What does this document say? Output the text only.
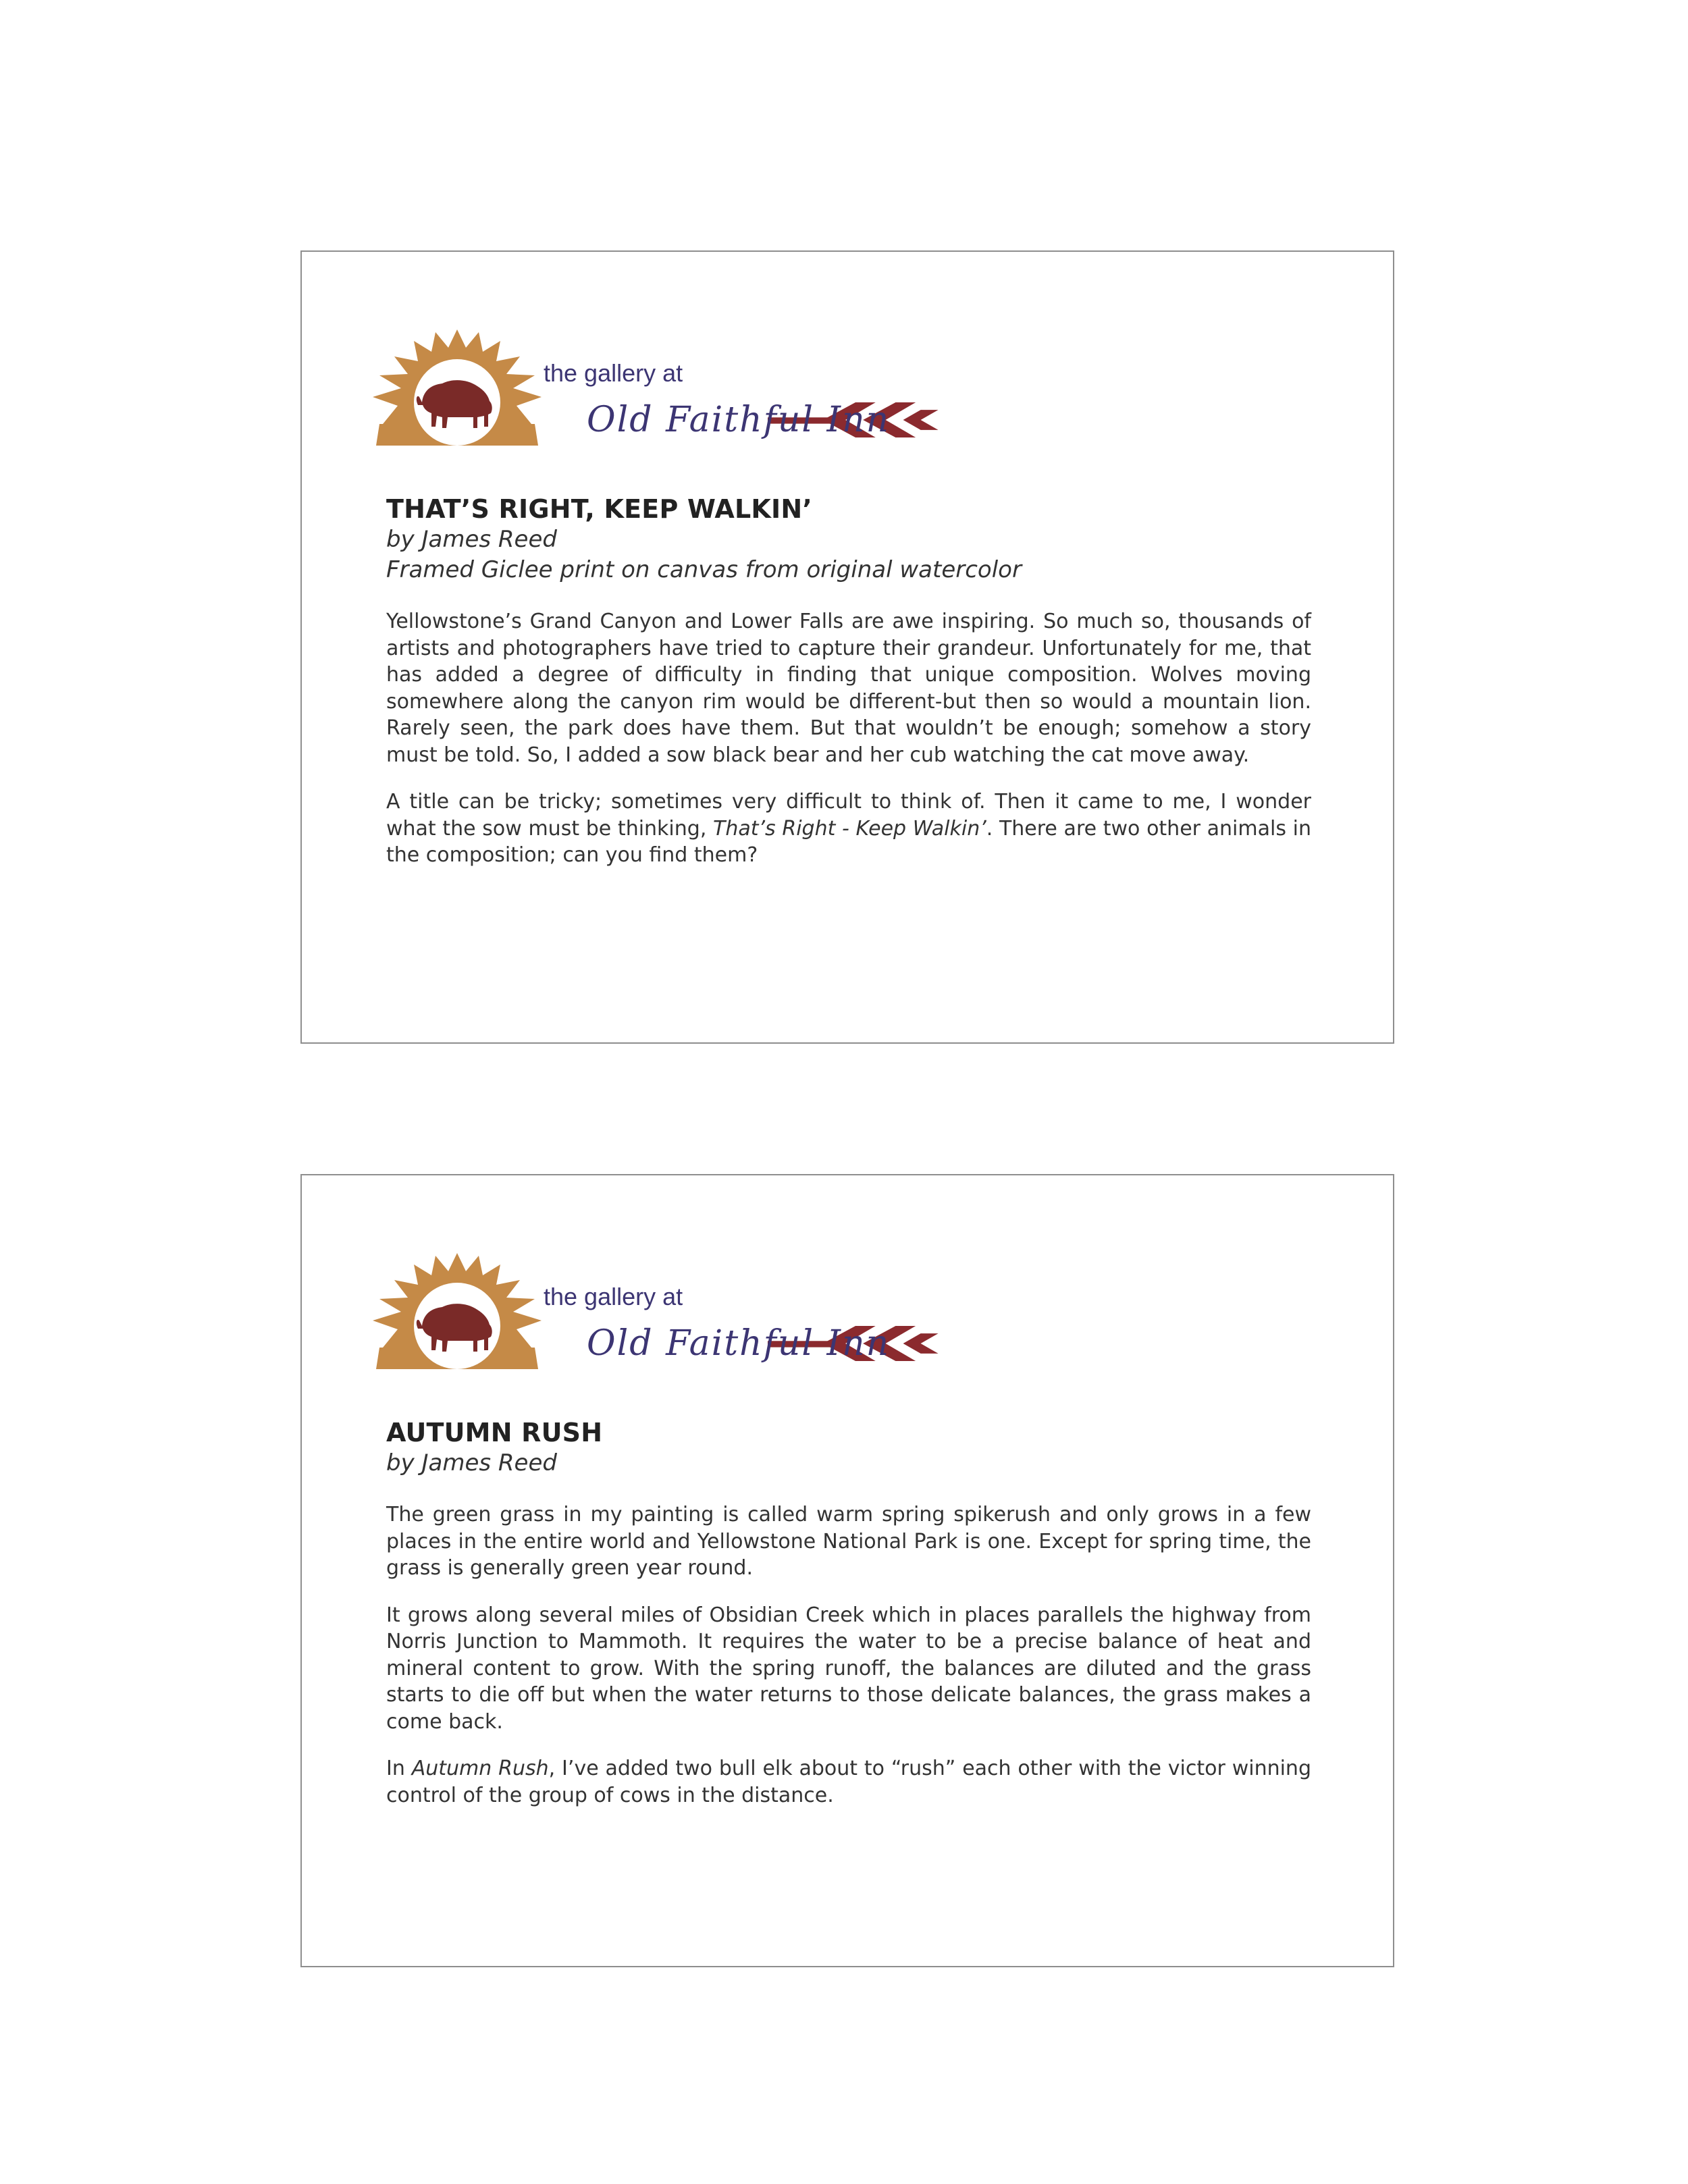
the gallery at
Old Faithful Inn
THAT’S RIGHT, KEEP WALKIN’

by James Reed

Framed Giclee print on canvas from original watercolor

Yellowstone’s Grand Canyon and Lower Falls are awe inspiring. So much so, thousands of artists and photographers have tried to capture their grandeur. Unfortunately for me, that has added a degree of difficulty in finding that unique composition. Wolves moving somewhere along the canyon rim would be different-but then so would a mountain lion. Rarely seen, the park does have them. But that wouldn’t be enough; somehow a story must be told. So, I added a sow black bear and her cub watching the cat move away.

A title can be tricky; sometimes very difficult to think of. Then it came to me, I wonder what the sow must be thinking, That’s Right - Keep Walkin’. There are two other animals in the composition; can you find them?

the gallery at
Old Faithful Inn
AUTUMN RUSH

by James Reed

The green grass in my painting is called warm spring spikerush and only grows in a few places in the entire world and Yellowstone National Park is one. Except for spring time, the grass is generally green year round.

It grows along several miles of Obsidian Creek which in places parallels the highway from Norris Junction to Mammoth. It requires the water to be a precise balance of heat and mineral content to grow. With the spring runoff, the balances are diluted and the grass starts to die off but when the water returns to those delicate balances, the grass makes a come back.

In Autumn Rush, I’ve added two bull elk about to “rush” each other with the victor winning control of the group of cows in the distance.
